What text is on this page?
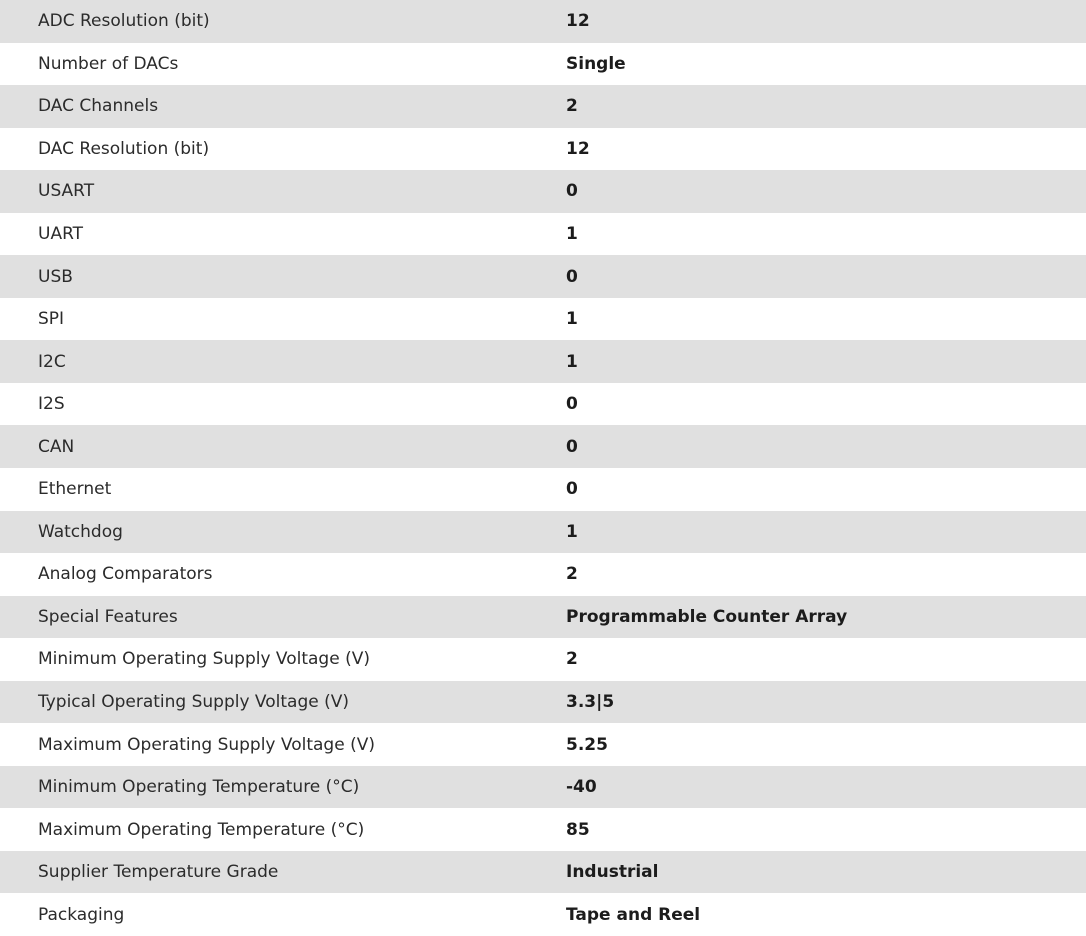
ADC Resolution (bit)	12
Number of DACs	Single
DAC Channels	2
DAC Resolution (bit)	12
USART	0
UART	1
USB	0
SPI	1
I2C	1
I2S	0
CAN	0
Ethernet	0
Watchdog	1
Analog Comparators	2
Special Features	Programmable Counter Array
Minimum Operating Supply Voltage (V)	2
Typical Operating Supply Voltage (V)	3.3|5
Maximum Operating Supply Voltage (V)	5.25
Minimum Operating Temperature (°C)	-40
Maximum Operating Temperature (°C)	85
Supplier Temperature Grade	Industrial
Packaging	Tape and Reel
